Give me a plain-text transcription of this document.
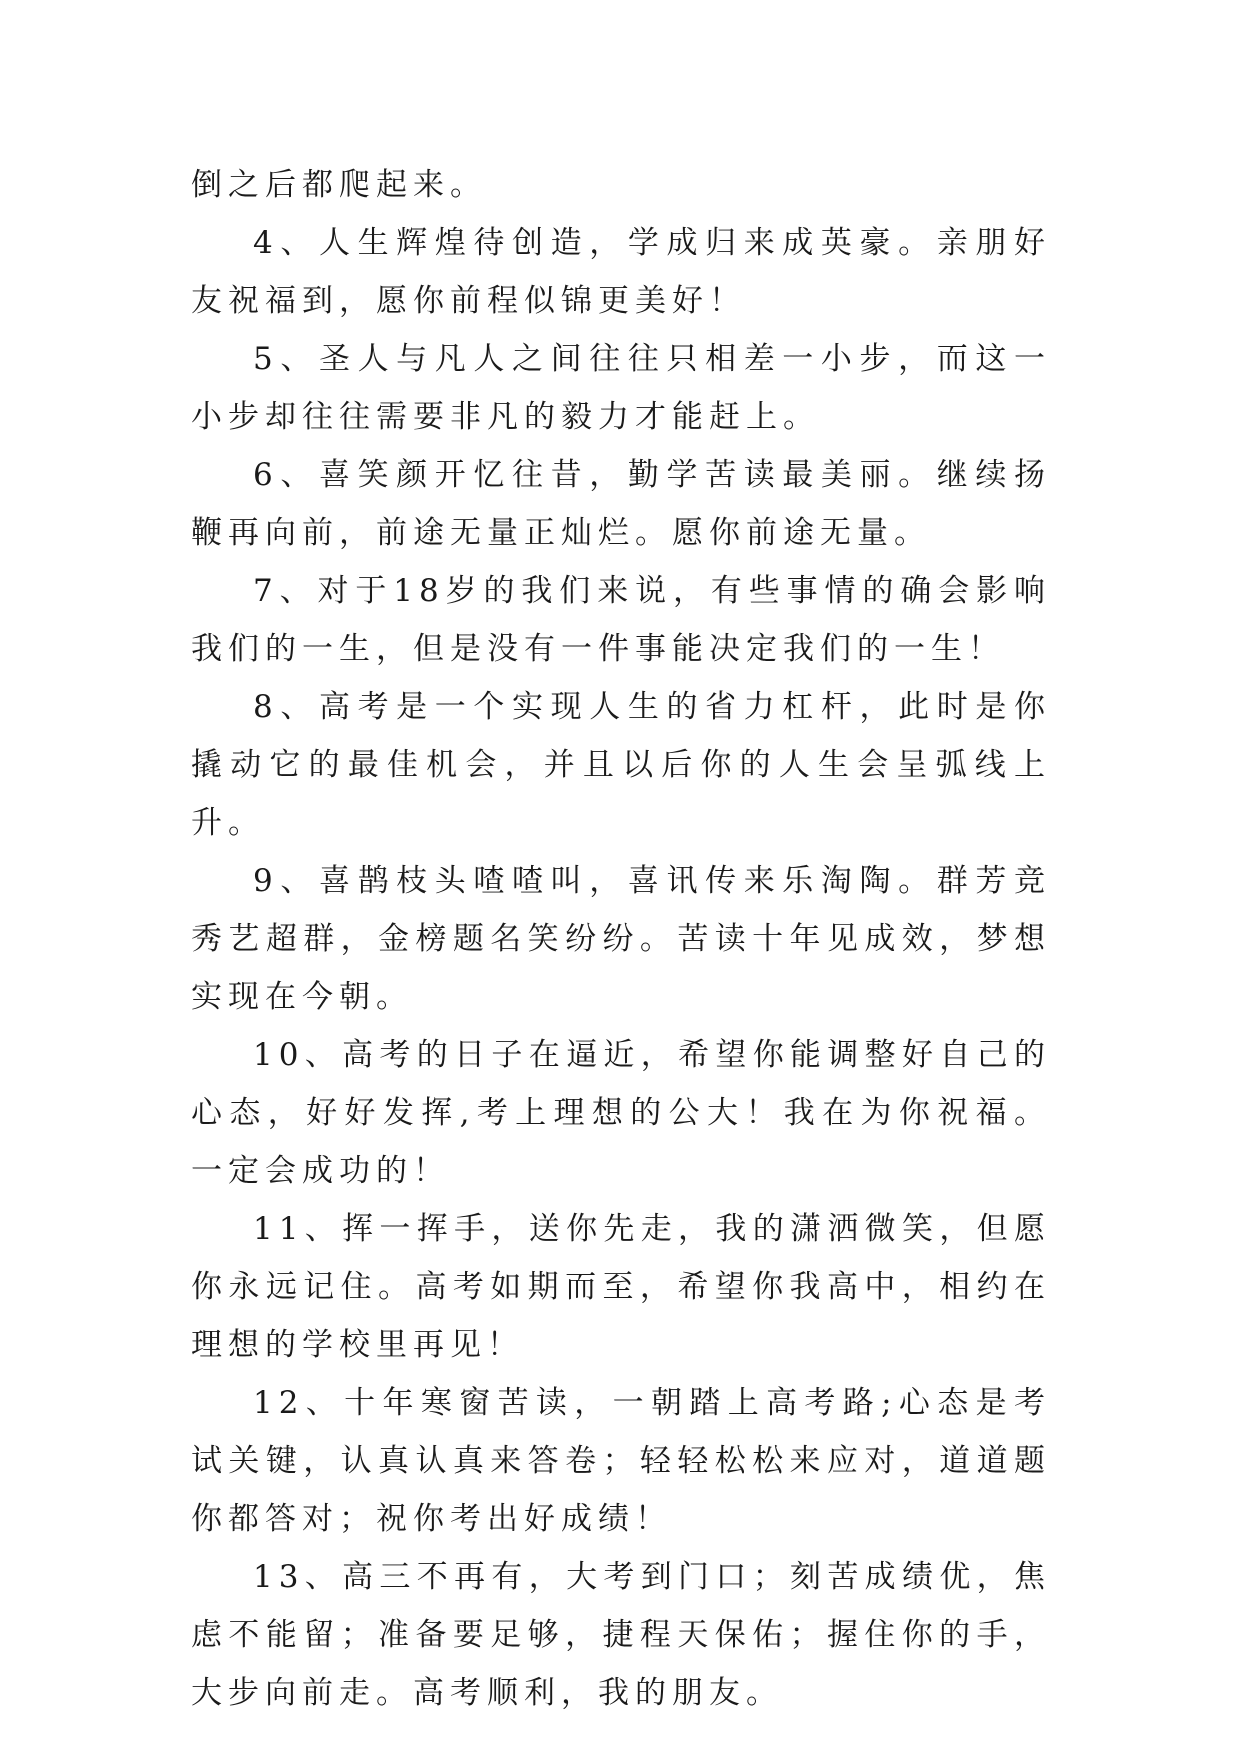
倒之后都爬起来。

4、人生辉煌待创造，学成归来成英豪。亲朋好友祝福到，愿你前程似锦更美好！

5、圣人与凡人之间往往只相差一小步，而这一小步却往往需要非凡的毅力才能赶上。

6、喜笑颜开忆往昔，勤学苦读最美丽。继续扬鞭再向前，前途无量正灿烂。愿你前途无量。

7、对于18岁的我们来说，有些事情的确会影响我们的一生，但是没有一件事能决定我们的一生！

8、高考是一个实现人生的省力杠杆，此时是你撬动它的最佳机会，并且以后你的人生会呈弧线上升。

9、喜鹊枝头喳喳叫，喜讯传来乐淘陶。群芳竞秀艺超群，金榜题名笑纷纷。苦读十年见成效，梦想实现在今朝。

10、高考的日子在逼近，希望你能调整好自己的心态，好好发挥,考上理想的公大！我在为你祝福。一定会成功的！

11、挥一挥手，送你先走，我的潇洒微笑，但愿你永远记住。高考如期而至，希望你我高中，相约在理想的学校里再见！

12、十年寒窗苦读，一朝踏上高考路;心态是考试关键，认真认真来答卷；轻轻松松来应对，道道题你都答对；祝你考出好成绩！

13、高三不再有，大考到门口；刻苦成绩优，焦虑不能留；准备要足够，捷程天保佑；握住你的手，大步向前走。高考顺利，我的朋友。
